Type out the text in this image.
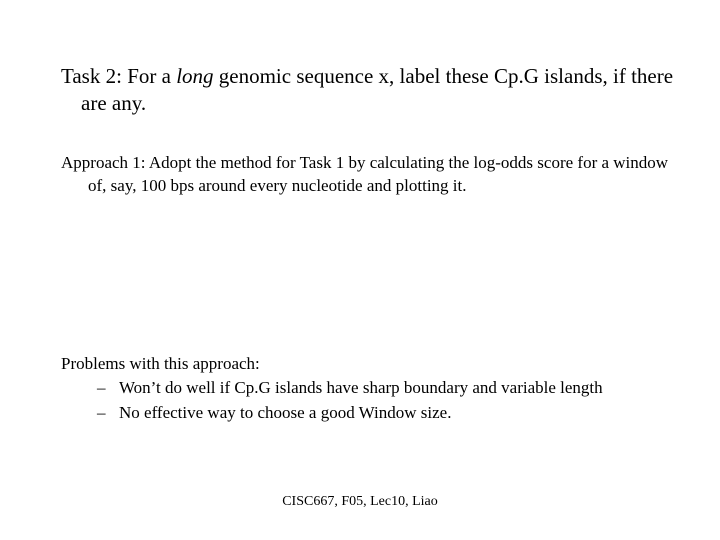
Task 2: For a long genomic sequence x, label these Cp.G islands, if there are any.

Approach 1: Adopt the method for Task 1 by calculating the log-odds score for a window of, say, 100 bps around every nucleotide and plotting it.

Problems with this approach:
– Won’t do well if Cp.G islands have sharp boundary and variable length
– No effective way to choose a good Window size.
CISC667, F05, Lec10, Liao
